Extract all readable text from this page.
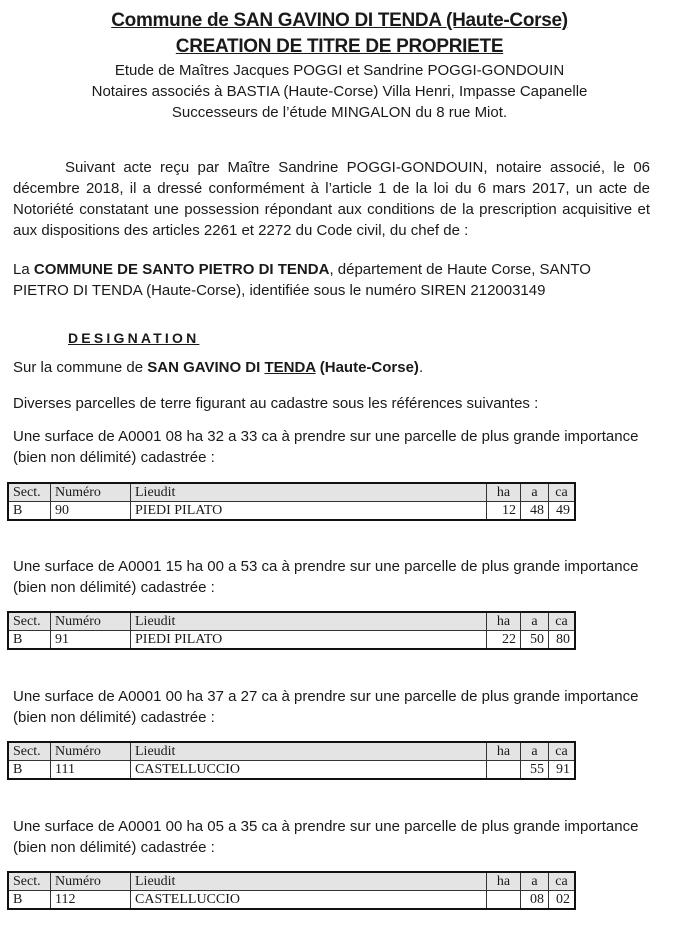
Commune de SAN GAVINO DI TENDA (Haute-Corse)
CREATION DE TITRE DE PROPRIETE
Etude de Maîtres Jacques POGGI et Sandrine POGGI-GONDOUIN
Notaires associés à BASTIA (Haute-Corse) Villa Henri, Impasse Capanelle
Successeurs de l’étude MINGALON du 8 rue Miot.
Suivant acte reçu par Maître Sandrine POGGI-GONDOUIN, notaire associé, le 06 décembre 2018, il a dressé conformément à l’article 1 de la loi du 6 mars 2017, un acte de Notoriété constatant une possession répondant aux conditions de la prescription acquisitive et aux dispositions des articles 2261 et 2272 du Code civil, du chef de :
La COMMUNE DE SANTO PIETRO DI TENDA, département de Haute Corse, SANTO PIETRO DI TENDA (Haute-Corse), identifiée sous le numéro SIREN 212003149
DESIGNATION
Sur la commune de SAN GAVINO DI TENDA (Haute-Corse).
Diverses parcelles de terre figurant au cadastre sous les références suivantes :
Une surface de A0001 08 ha 32 a 33 ca à prendre sur une parcelle de plus grande importance (bien non délimité) cadastrée :
Sect.	Numéro	Lieudit	ha	a	ca
B	90	PIEDI PILATO	12	48	49
Une surface de A0001 15 ha 00 a 53 ca à prendre sur une parcelle de plus grande importance (bien non délimité) cadastrée :
Sect.	Numéro	Lieudit	ha	a	ca
B	91	PIEDI PILATO	22	50	80
Une surface de A0001 00 ha 37 a 27 ca à prendre sur une parcelle de plus grande importance (bien non délimité) cadastrée :
Sect.	Numéro	Lieudit	ha	a	ca
B	111	CASTELLUCCIO		55	91
Une surface de A0001 00 ha 05 a 35 ca à prendre sur une parcelle de plus grande importance (bien non délimité) cadastrée :
Sect.	Numéro	Lieudit	ha	a	ca
B	112	CASTELLUCCIO		08	02
